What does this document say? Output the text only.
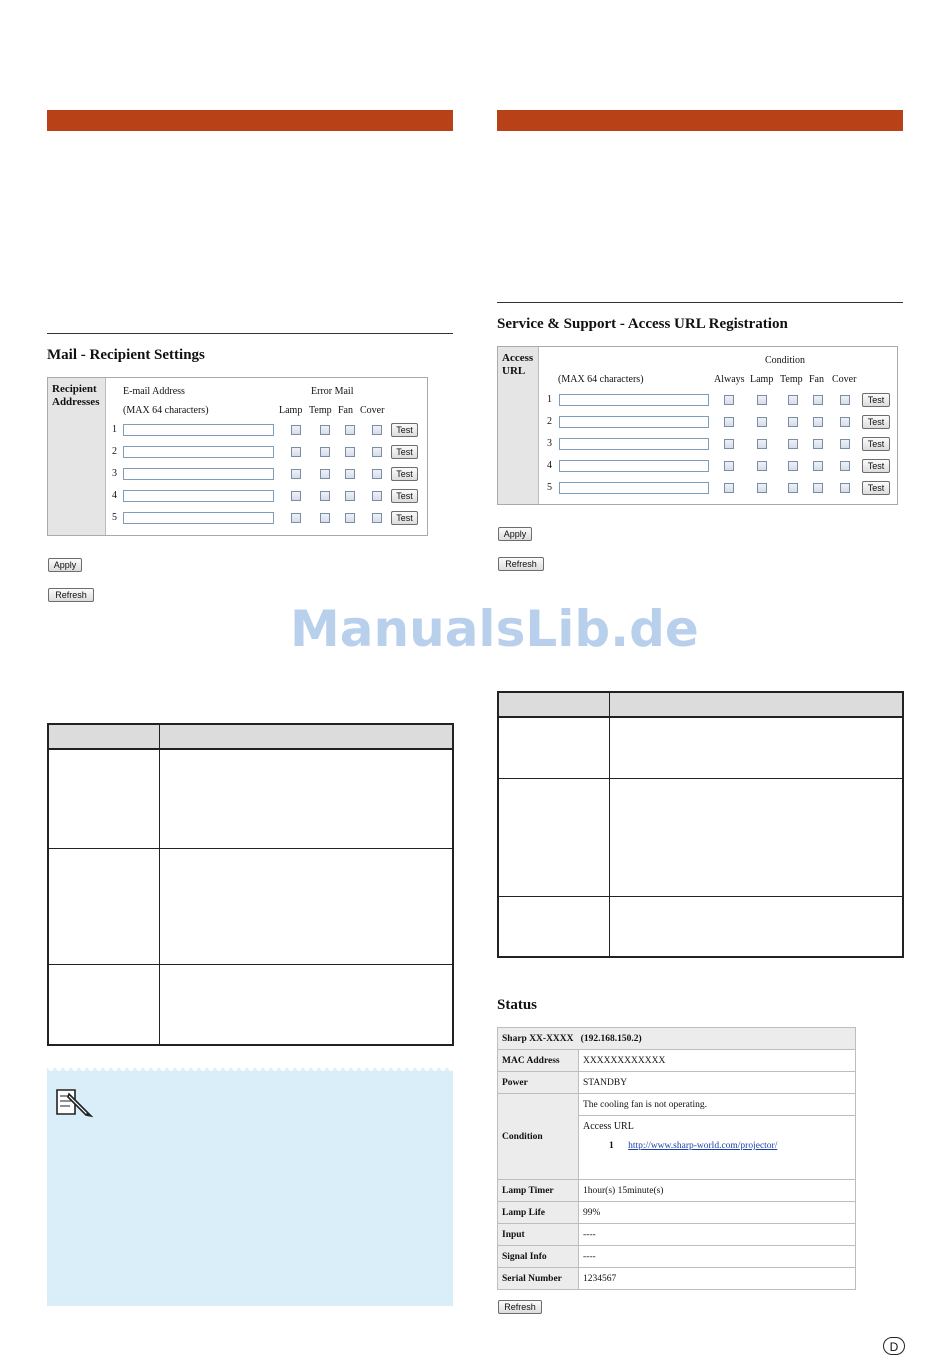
Mail - Recipient Settings
Recipient
Addresses
E-mail Address	Error Mail
(MAX 64 characters)	Lamp Temp Fan Cover
1	Test
2	Test
3	Test
4	Test
5	Test
Apply
Refresh
Service & Support - Access URL Registration
Access
URL
Condition
(MAX 64 characters)	Always Lamp Temp Fan Cover
1	Test
2	Test
3	Test
4	Test
5	Test
Apply
Refresh
ManualsLib.de
Status
Sharp XX-XXXX (192.168.150.2)	
MAC Address	XXXXXXXXXXXX
Power	STANDBY
Condition	The cooling fan is not operating.

	Access URL
1 http://www.sharp-world.com/projector/

Lamp Timer	1hour(s) 15minute(s)
Lamp Life	99%
Input	----
Signal Info	----
Serial Number	1234567
Refresh
D
